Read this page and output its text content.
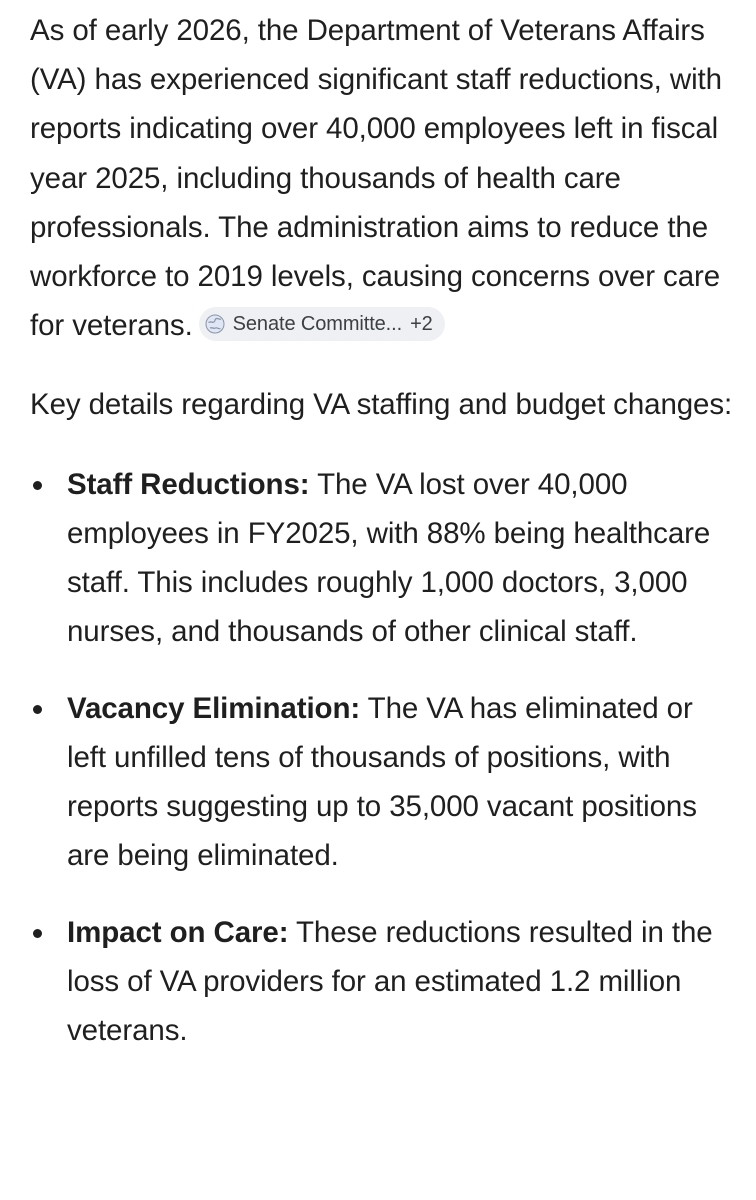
As of early 2026, the Department of Veterans Affairs (VA) has experienced significant staff reductions, with reports indicating over 40,000 employees left in fiscal year 2025, including thousands of health care professionals. The administration aims to reduce the workforce to 2019 levels, causing concerns over care for veterans. Senate Committe... +2

Key details regarding VA staffing and budget changes:

Staff Reductions: The VA lost over 40,000 employees in FY2025, with 88% being healthcare staff. This includes roughly 1,000 doctors, 3,000 nurses, and thousands of other clinical staff.
Vacancy Elimination: The VA has eliminated or left unfilled tens of thousands of positions, with reports suggesting up to 35,000 vacant positions are being eliminated.
Impact on Care: These reductions resulted in the loss of VA providers for an estimated 1.2 million veterans.
